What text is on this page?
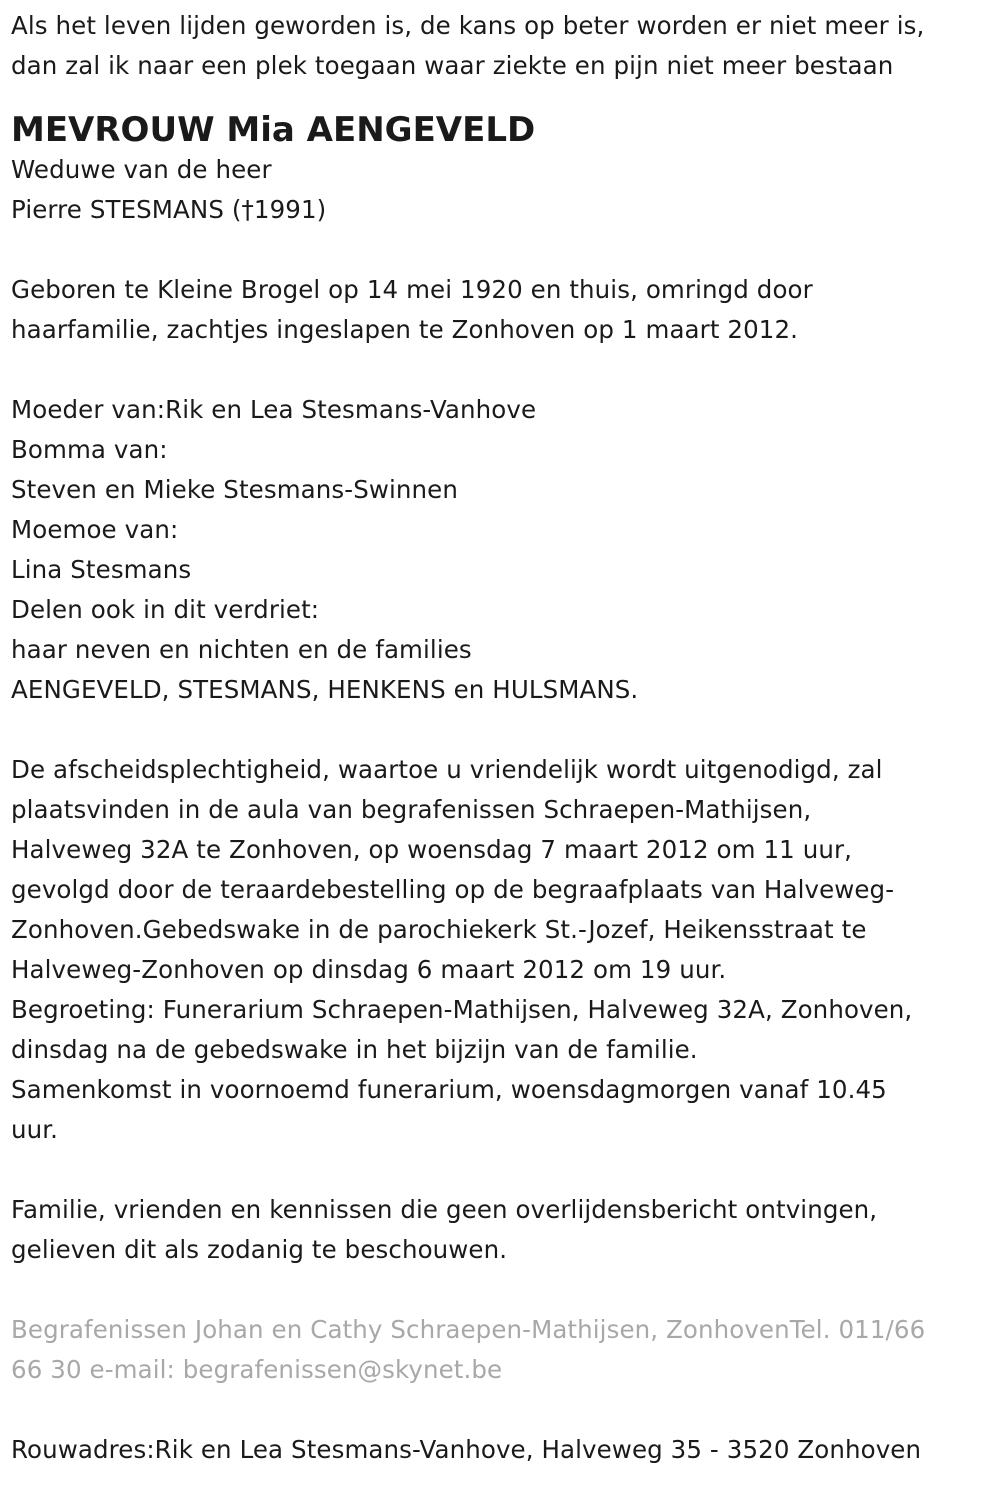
Als het leven lijden geworden is, de kans op beter worden er niet meer is,
dan zal ik naar een plek toegaan waar ziekte en pijn niet meer bestaan
MEVROUW Mia AENGEVELD
Weduwe van de heer
Pierre STESMANS (†1991)
Geboren te Kleine Brogel op 14 mei 1920 en thuis, omringd door
haarfamilie, zachtjes ingeslapen te Zonhoven op 1 maart 2012.
Moeder van:Rik en Lea Stesmans-Vanhove
Bomma van:
Steven en Mieke Stesmans-Swinnen
Moemoe van:
Lina Stesmans
Delen ook in dit verdriet:
haar neven en nichten en de families
AENGEVELD, STESMANS, HENKENS en HULSMANS.
De afscheidsplechtigheid, waartoe u vriendelijk wordt uitgenodigd, zal
plaatsvinden in de aula van begrafenissen Schraepen-Mathijsen,
Halveweg 32A te Zonhoven, op woensdag 7 maart 2012 om 11 uur,
gevolgd door de teraardebestelling op de begraafplaats van Halveweg-
Zonhoven.Gebedswake in de parochiekerk St.-Jozef, Heikensstraat te
Halveweg-Zonhoven op dinsdag 6 maart 2012 om 19 uur.
Begroeting: Funerarium Schraepen-Mathijsen, Halveweg 32A, Zonhoven,
dinsdag na de gebedswake in het bijzijn van de familie.
Samenkomst in voornoemd funerarium, woensdagmorgen vanaf 10.45
uur.
Familie, vrienden en kennissen die geen overlijdensbericht ontvingen,
gelieven dit als zodanig te beschouwen.
Begrafenissen Johan en Cathy Schraepen-Mathijsen, ZonhovenTel. 011/66
66 30 e-mail: begrafenissen@skynet.be
Rouwadres:Rik en Lea Stesmans-Vanhove, Halveweg 35 - 3520 Zonhoven
